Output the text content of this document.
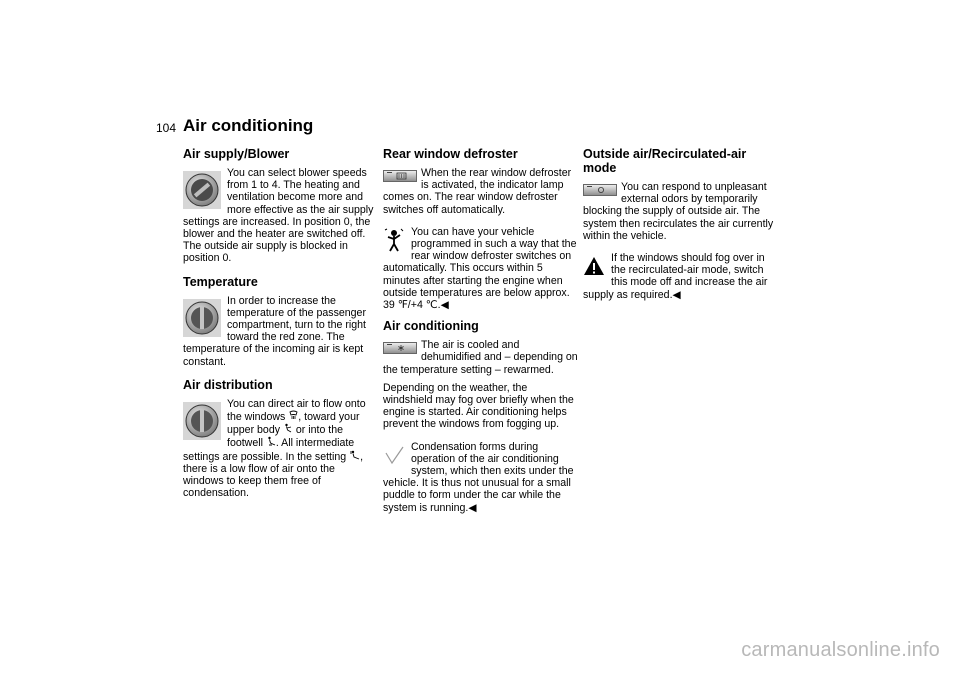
104 Air conditioning
Air supply/Blower
You can select blower speeds from 1 to 4. The heating and ventilation become more and more effective as the air supply settings are increased. In position 0, the blower and the heater are switched off. The outside air supply is blocked in position 0.
Temperature
In order to increase the temperature of the passenger compartment, turn to the right toward the red zone. The temperature of the incoming air is kept constant.
Air distribution
You can direct air to flow onto the windows , toward your upper body  or into the footwell . All intermediate settings are possible. In the setting , there is a low flow of air onto the windows to keep them free of condensation.
Rear window defroster
When the rear window defroster is activated, the indicator lamp comes on. The rear window defroster switches off automatically.
You can have your vehicle programmed in such a way that the rear window defroster switches on automatically. This occurs within 5 minutes after starting the engine when outside temperatures are below approx. 39 ℉/+4 ℃.◀
Air conditioning
The air is cooled and dehumidified and – depending on the temperature setting – rewarmed.
Depending on the weather, the windshield may fog over briefly when the engine is started. Air conditioning helps prevent the windows from fogging up.
Condensation forms during operation of the air conditioning system, which then exits under the vehicle. It is thus not unusual for a small puddle to form under the car while the system is running.◀
Outside air/Recirculated-air mode
You can respond to unpleasant external odors by temporarily blocking the supply of outside air. The system then recirculates the air currently within the vehicle.
If the windows should fog over in the recirculated-air mode, switch this mode off and increase the air supply as required.◀
carmanualsonline.info
